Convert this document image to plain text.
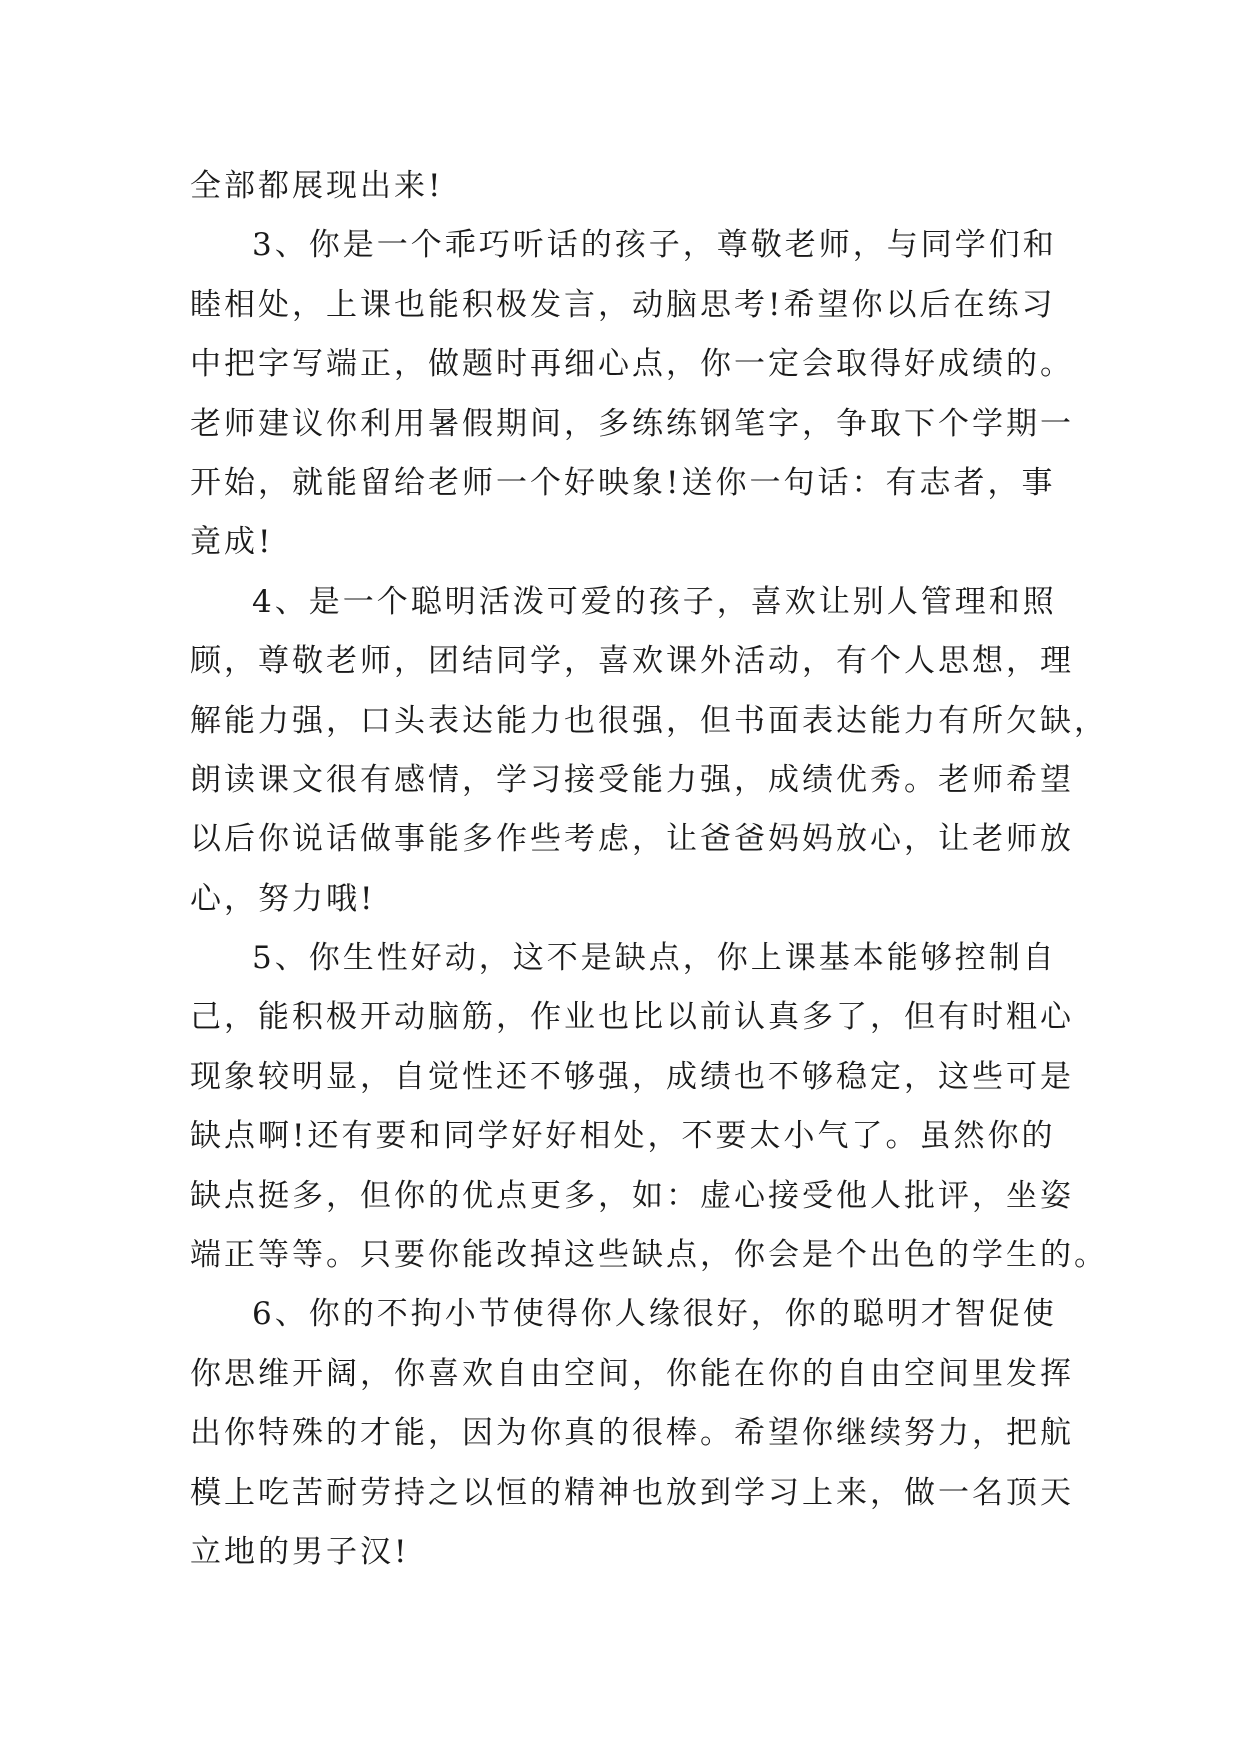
全部都展现出来!
3、你是一个乖巧听话的孩子，尊敬老师，与同学们和
睦相处，上课也能积极发言，动脑思考!希望你以后在练习
中把字写端正，做题时再细心点，你一定会取得好成绩的。
老师建议你利用暑假期间，多练练钢笔字，争取下个学期一
开始，就能留给老师一个好映象!送你一句话：有志者，事
竟成!
4、是一个聪明活泼可爱的孩子，喜欢让别人管理和照
顾，尊敬老师，团结同学，喜欢课外活动，有个人思想，理
解能力强，口头表达能力也很强，但书面表达能力有所欠缺，
朗读课文很有感情，学习接受能力强，成绩优秀。老师希望
以后你说话做事能多作些考虑，让爸爸妈妈放心，让老师放
心，努力哦!
5、你生性好动，这不是缺点，你上课基本能够控制自
己，能积极开动脑筋，作业也比以前认真多了，但有时粗心
现象较明显，自觉性还不够强，成绩也不够稳定，这些可是
缺点啊!还有要和同学好好相处，不要太小气了。虽然你的
缺点挺多，但你的优点更多，如：虚心接受他人批评，坐姿
端正等等。只要你能改掉这些缺点，你会是个出色的学生的。
6、你的不拘小节使得你人缘很好，你的聪明才智促使
你思维开阔，你喜欢自由空间，你能在你的自由空间里发挥
出你特殊的才能，因为你真的很棒。希望你继续努力，把航
模上吃苦耐劳持之以恒的精神也放到学习上来，做一名顶天
立地的男子汉!
